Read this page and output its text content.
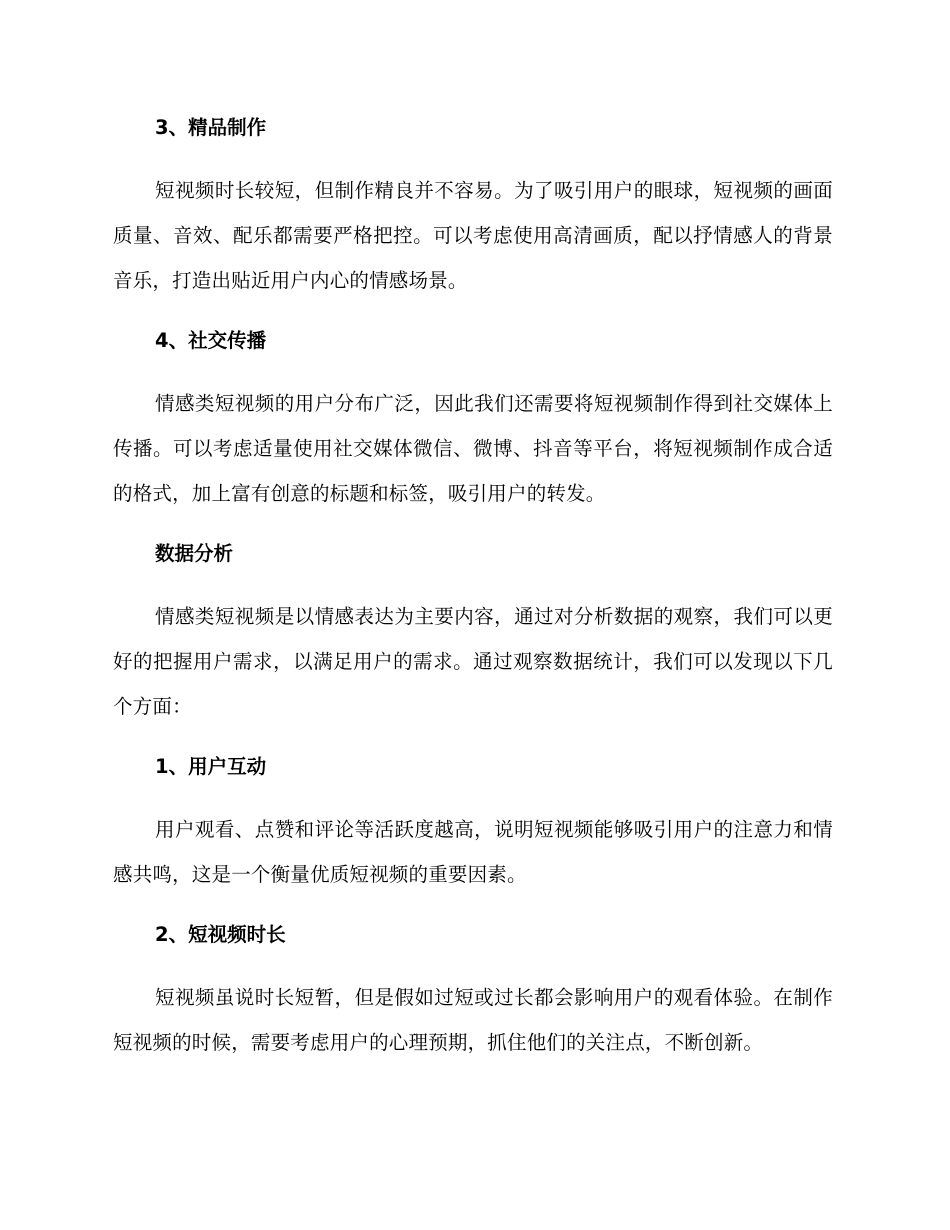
3、精品制作

短视频时长较短，但制作精良并不容易。为了吸引用户的眼球，短视频的画面质量、音效、配乐都需要严格把控。可以考虑使用高清画质，配以抒情感人的背景音乐，打造出贴近用户内心的情感场景。

4、社交传播

情感类短视频的用户分布广泛，因此我们还需要将短视频制作得到社交媒体上传播。可以考虑适量使用社交媒体微信、微博、抖音等平台，将短视频制作成合适的格式，加上富有创意的标题和标签，吸引用户的转发。

数据分析

情感类短视频是以情感表达为主要内容，通过对分析数据的观察，我们可以更好的把握用户需求，以满足用户的需求。通过观察数据统计，我们可以发现以下几个方面：

1、用户互动

用户观看、点赞和评论等活跃度越高，说明短视频能够吸引用户的注意力和情感共鸣，这是一个衡量优质短视频的重要因素。

2、短视频时长

短视频虽说时长短暂，但是假如过短或过长都会影响用户的观看体验。在制作短视频的时候，需要考虑用户的心理预期，抓住他们的关注点，不断创新。
